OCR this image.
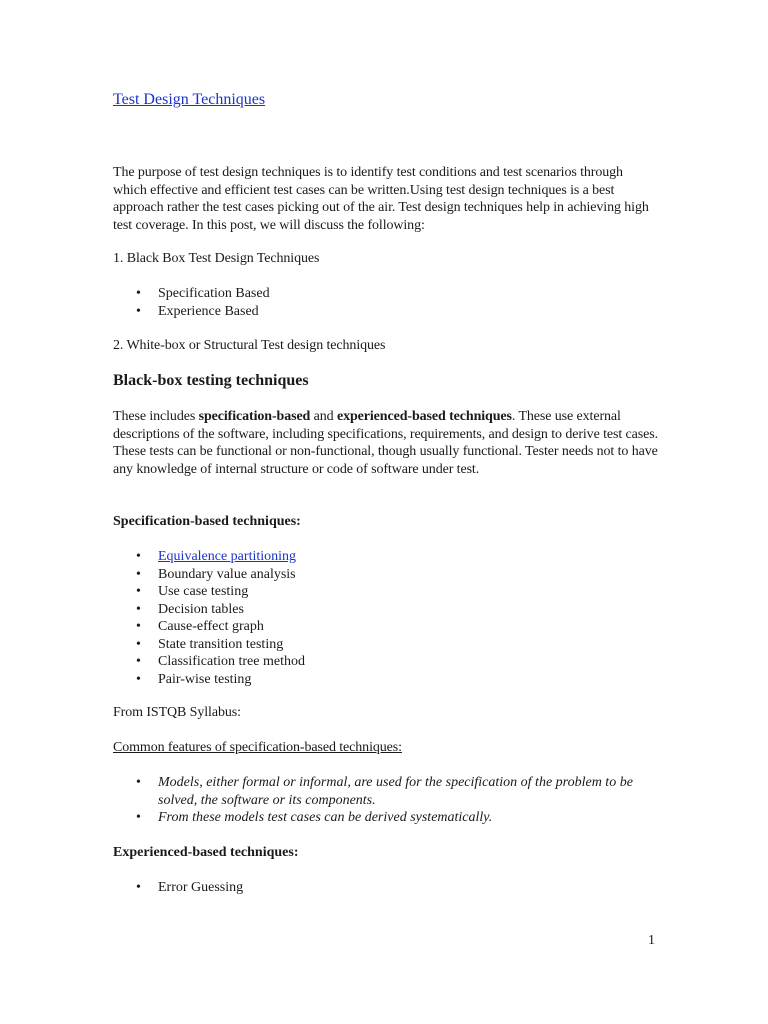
Test Design Techniques

The purpose of test design techniques is to identify test conditions and test scenarios through which effective and efficient test cases can be written.Using test design techniques is a best approach rather the test cases picking out of the air. Test design techniques help in achieving high test coverage. In this post, we will discuss the following:

1. Black Box Test Design Techniques

• Specification Based
• Experience Based

2. White-box or Structural Test design techniques

Black-box testing techniques

These includes specification-based and experienced-based techniques. These use external descriptions of the software, including specifications, requirements, and design to derive test cases. These tests can be functional or non-functional, though usually functional. Tester needs not to have any knowledge of internal structure or code of software under test.

Specification-based techniques:

• Equivalence partitioning
• Boundary value analysis
• Use case testing
• Decision tables
• Cause-effect graph
• State transition testing
• Classification tree method
• Pair-wise testing

From ISTQB Syllabus:

Common features of specification-based techniques:

• Models, either formal or informal, are used for the specification of the problem to be solved, the software or its components.
• From these models test cases can be derived systematically.

Experienced-based techniques:

• Error Guessing
1
